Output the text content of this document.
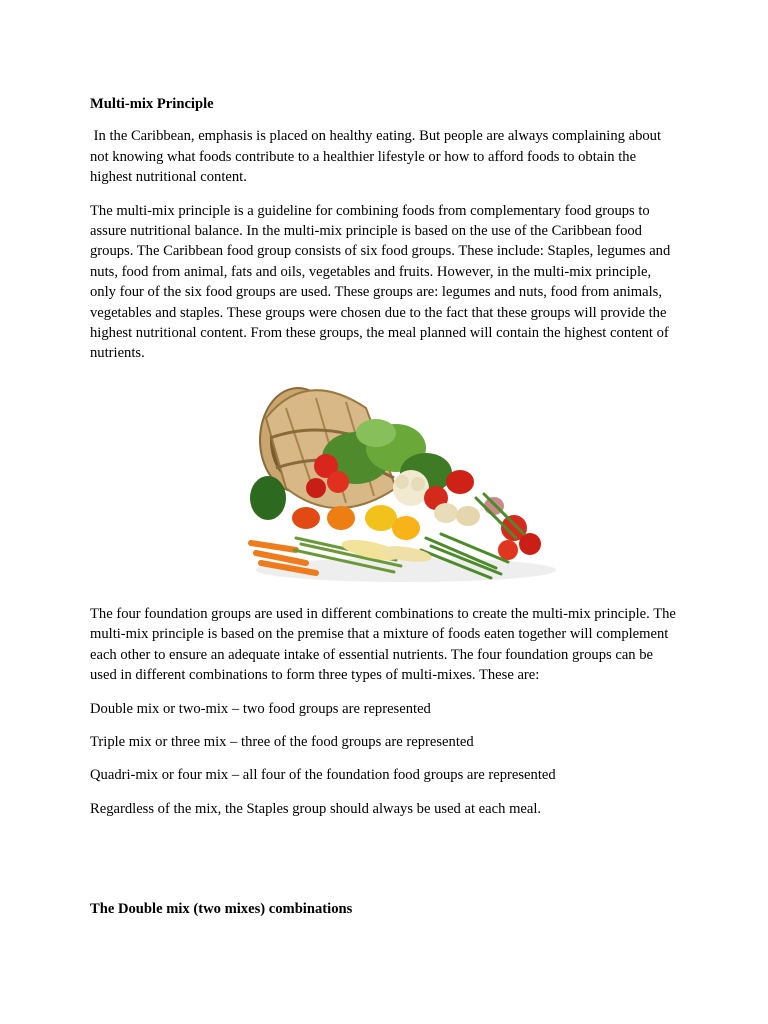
Multi-mix Principle

In the Caribbean, emphasis is placed on healthy eating. But people are always complaining about not knowing what foods contribute to a healthier lifestyle or how to afford foods to obtain the highest nutritional content.

The multi-mix principle is a guideline for combining foods from complementary food groups to assure nutritional balance. In the multi-mix principle is based on the use of the Caribbean food groups. The Caribbean food group consists of six food groups. These include: Staples, legumes and nuts, food from animal, fats and oils, vegetables and fruits. However, in the multi-mix principle, only four of the six food groups are used. These groups are: legumes and nuts, food from animals, vegetables and staples. These groups were chosen due to the fact that these groups will provide the highest nutritional content. From these groups, the meal planned will contain the highest content of nutrients.

The four foundation groups are used in different combinations to create the multi-mix principle. The multi-mix principle is based on the premise that a mixture of foods eaten together will complement each other to ensure an adequate intake of essential nutrients. The four foundation groups can be used in different combinations to form three types of multi-mixes. These are:

Double mix or two-mix – two food groups are represented

Triple mix or three mix – three of the food groups are represented

Quadri-mix or four mix – all four of the foundation food groups are represented

Regardless of the mix, the Staples group should always be used at each meal.

The Double mix (two mixes) combinations
